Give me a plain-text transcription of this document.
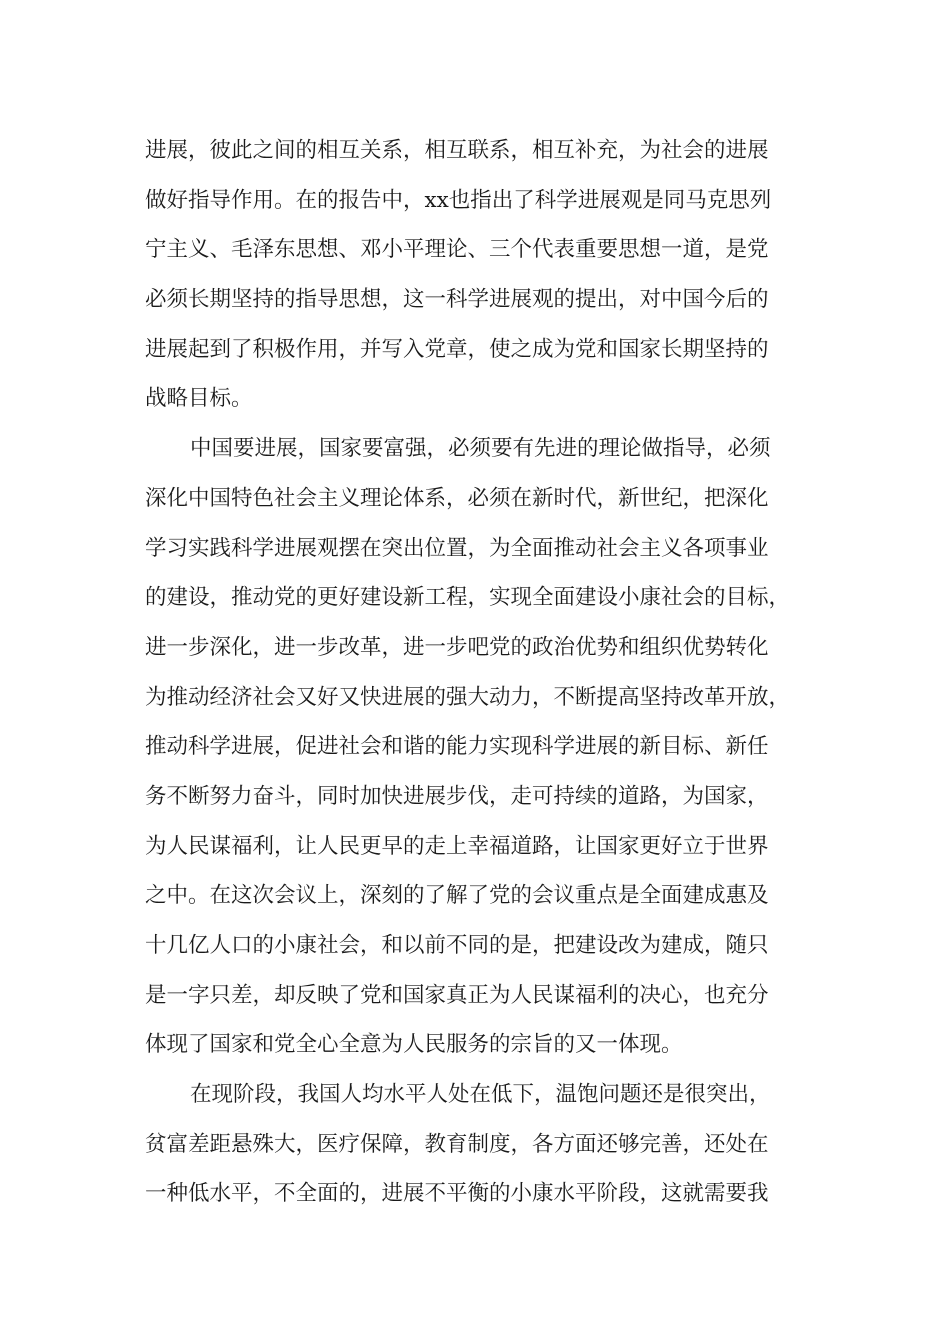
进展，彼此之间的相互关系，相互联系，相互补充，为社会的进展
做好指导作用。在的报告中，xx也指出了科学进展观是同马克思列
宁主义、毛泽东思想、邓小平理论、三个代表重要思想一道，是党
必须长期坚持的指导思想，这一科学进展观的提出，对中国今后的
进展起到了积极作用，并写入党章，使之成为党和国家长期坚持的
战略目标。
中国要进展，国家要富强，必须要有先进的理论做指导，必须
深化中国特色社会主义理论体系，必须在新时代，新世纪，把深化
学习实践科学进展观摆在突出位置，为全面推动社会主义各项事业
的建设，推动党的更好建设新工程，实现全面建设小康社会的目标，
进一步深化，进一步改革，进一步吧党的政治优势和组织优势转化
为推动经济社会又好又快进展的强大动力，不断提高坚持改革开放，
推动科学进展，促进社会和谐的能力实现科学进展的新目标、新任
务不断努力奋斗，同时加快进展步伐，走可持续的道路，为国家，
为人民谋福利，让人民更早的走上幸福道路，让国家更好立于世界
之中。在这次会议上，深刻的了解了党的会议重点是全面建成惠及
十几亿人口的小康社会，和以前不同的是，把建设改为建成，随只
是一字只差，却反映了党和国家真正为人民谋福利的决心，也充分
体现了国家和党全心全意为人民服务的宗旨的又一体现。
在现阶段，我国人均水平人处在低下，温饱问题还是很突出，
贫富差距悬殊大，医疗保障，教育制度，各方面还够完善，还处在
一种低水平，不全面的，进展不平衡的小康水平阶段，这就需要我
